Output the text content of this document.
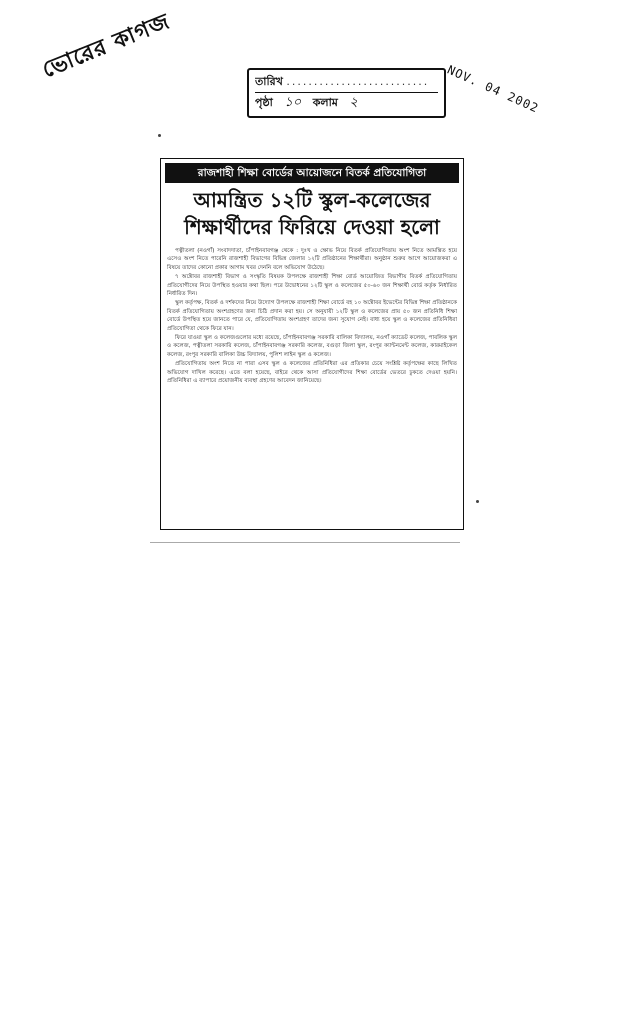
ভোরের কাগজ	তারিখ ..........................
পৃষ্ঠা ১০ কলাম ২	NOV. 04 2002
রাজশাহী শিক্ষা বোর্ডের আয়োজনে বিতর্ক প্রতিযোগিতা
আমন্ত্রিত ১২টি স্কুল-কলেজের
শিক্ষার্থীদের ফিরিয়ে দেওয়া হলো

পত্নীতলা (নওগাঁ) সংবাদদাতা, চাঁপাইনবাবগঞ্জ থেকে : দুঃখ ও ক্ষোভ নিয়ে বিতর্ক প্রতিযোগিতায় অংশ নিতে আমন্ত্রিত হয়ে এসেও অংশ নিতে পারেনি রাজশাহী বিভাগের বিভিন্ন জেলার ১২টি প্রতিষ্ঠানের শিক্ষার্থীরা। অনুষ্ঠান শুরুর আগে আয়োজকরা এ বিষয়ে তাদের কোনো প্রকার আগাম খবর দেননি বলে অভিযোগ উঠেছে।

৭ অক্টোবর রাজশাহী বিভাগ ও সংস্কৃতি বিষয়ক উপলক্ষে রাজশাহী শিক্ষা বোর্ড আয়োজিত বিভাগীয় বিতর্ক প্রতিযোগিতায় প্রতিযোগীদের নিয়ে উপস্থিত হওয়ার কথা ছিল। পরে উদ্বোধনের ১২টি স্কুল ও কলেজের ৫০-৬০ জন শিক্ষার্থী বোর্ড কর্তৃক নির্ধারিত নির্ধারিত দিন।

স্কুল কর্তৃপক্ষ, বিতর্ক ও দর্শকদের নিয়ে উদ্যোগ উপলক্ষে রাজশাহী শিক্ষা বোর্ডে বহ ১০ অক্টোবর ইভেন্টের বিভিন্ন শিক্ষা প্রতিষ্ঠানকে বিতর্ক প্রতিযোগিতায় অংশগ্রহণের জন্য চিঠি প্রদান করা হয়। সে অনুযায়ী ১২টি স্কুল ও কলেজের প্রায় ৫০ জন প্রতিনিধি শিক্ষা বোর্ডে উপস্থিত হয়ে জানতে পারে যে, প্রতিযোগিতায় অংশগ্রহণ তাদের জন্য সুযোগ নেই। বাধ্য হয়ে স্কুল ও কলেজের প্রতিনিধিরা প্রতিযোগিতা থেকে ফিরে যান।

ফিরে যাওয়া স্কুল ও কলেজগুলোর মধ্যে রয়েছে, চাঁপাইনবাবগঞ্জ সরকারি বালিকা বিদ্যালয়, নওগাঁ ক্যাডেট কলেজ, পাবলিক স্কুল ও কলেজ, পত্নীতলা সরকারি কলেজ, চাঁপাইনবাবগঞ্জ সরকারি কলেজ, বগুড়া জিলা স্কুল, রংপুর ক্যান্টনমেন্ট কলেজ, কারমাইকেল কলেজ, রংপুর সরকারি বালিকা উচ্চ বিদ্যালয়, পুলিশ লাইন স্কুল ও কলেজ।

প্রতিযোগিতায় অংশ নিতে না পারা এসব স্কুল ও কলেজের প্রতিনিধিরা এর প্রতিকার চেয়ে সংশ্লিষ্ট কর্তৃপক্ষের কাছে লিখিত অভিযোগ দাখিল করেছে। এতে বলা হয়েছে, বাইরে থেকে আসা প্রতিযোগীদের শিক্ষা বোর্ডের ভেতরে ঢুকতে দেওয়া হয়নি। প্রতিনিধিরা এ ব্যাপারে প্রয়োজনীয় ব্যবস্থা গ্রহণের আবেদন জানিয়েছে।
